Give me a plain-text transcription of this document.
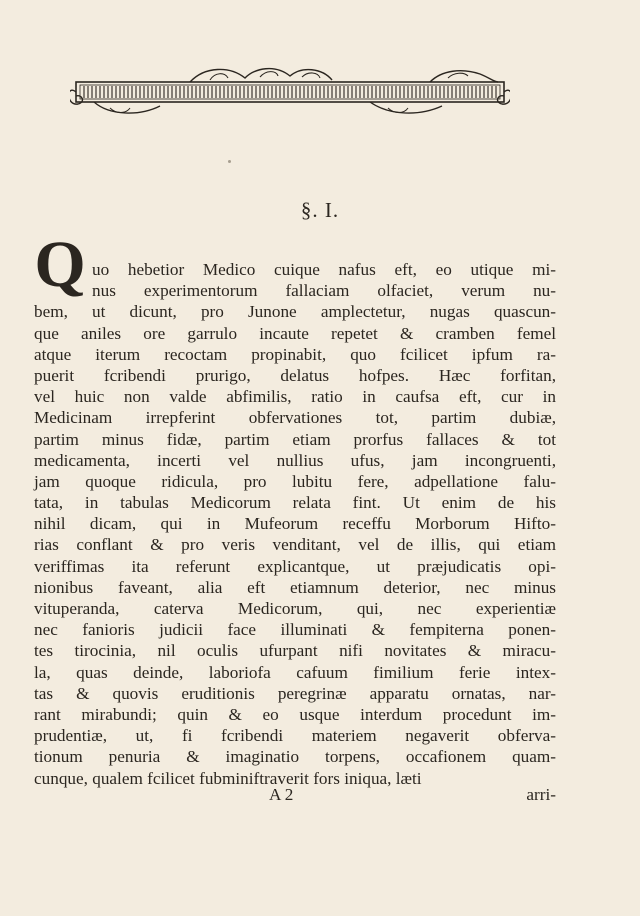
§. I.
Q uo hebetior Medico cuique nafus eft, eo utique mi-
nus experimentorum fallaciam olfaciet, verum nu-
bem, ut dicunt, pro Junone amplectetur, nugas quascun-
que aniles ore garrulo incaute repetet & cramben femel
atque iterum recoctam propinabit, quo fcilicet ipfum ra-
puerit fcribendi prurigo, delatus hofpes. Hæc forfitan,
vel huic non valde abfimilis, ratio in caufsa eft, cur in
Medicinam irrepferint obfervationes tot, partim dubiæ,
partim minus fidæ, partim etiam prorfus fallaces & tot
medicamenta, incerti vel nullius ufus, jam incongruenti,
jam quoque ridicula, pro lubitu fere, adpellatione falu-
tata, in tabulas Medicorum relata fint. Ut enim de his
nihil dicam, qui in Mufeorum receffu Morborum Hifto-
rias conflant & pro veris venditant, vel de illis, qui etiam
veriffimas ita referunt explicantque, ut præjudicatis opi-
nionibus faveant, alia eft etiamnum deterior, nec minus
vituperanda, caterva Medicorum, qui, nec experientiæ
nec fanioris judicii face illuminati & fempiterna ponen-
tes tirocinia, nil oculis ufurpant nifi novitates & miracu-
la, quas deinde, laboriofa cafuum fimilium ferie intex-
tas & quovis eruditionis peregrinæ apparatu ornatas, nar-
rant mirabundi; quin & eo usque interdum procedunt im-
prudentiæ, ut, fi fcribendi materiem negaverit obferva-
tionum penuria & imaginatio torpens, occafionem quam-
cunque, qualem fcilicet fubminiftraverit fors iniqua, læti
A 2	arri-
